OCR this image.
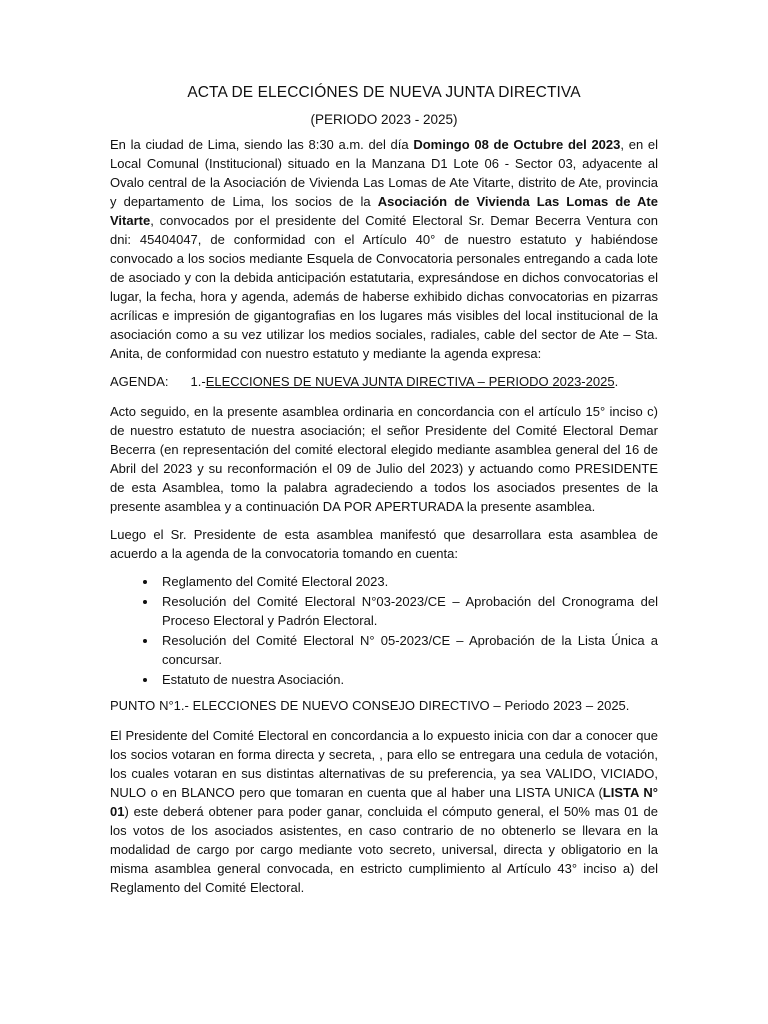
ACTA DE ELECCIÓNES DE NUEVA JUNTA DIRECTIVA
(PERIODO 2023 - 2025)

En la ciudad de Lima, siendo las 8:30 a.m. del día Domingo 08 de Octubre del 2023, en el Local Comunal (Institucional) situado en la Manzana D1 Lote 06 - Sector 03, adyacente al Ovalo central de la Asociación de Vivienda Las Lomas de Ate Vitarte, distrito de Ate, provincia y departamento de Lima, los socios de la Asociación de Vivienda Las Lomas de Ate Vitarte, convocados por el presidente del Comité Electoral Sr. Demar Becerra Ventura con dni: 45404047, de conformidad con el Artículo 40° de nuestro estatuto y habiéndose convocado a los socios mediante Esquela de Convocatoria personales entregando a cada lote de asociado y con la debida anticipación estatutaria, expresándose en dichos convocatorias el lugar, la fecha, hora y agenda, además de haberse exhibido dichas convocatorias en pizarras acrílicas e impresión de gigantografias en los lugares más visibles del local institucional de la asociación como a su vez utilizar los medios sociales, radiales, cable del sector de Ate – Sta. Anita, de conformidad con nuestro estatuto y mediante la agenda expresa:

AGENDA: 1.-ELECCIONES DE NUEVA JUNTA DIRECTIVA – PERIODO 2023-2025.

Acto seguido, en la presente asamblea ordinaria en concordancia con el artículo 15° inciso c) de nuestro estatuto de nuestra asociación; el señor Presidente del Comité Electoral Demar Becerra (en representación del comité electoral elegido mediante asamblea general del 16 de Abril del 2023 y su reconformación el 09 de Julio del 2023) y actuando como PRESIDENTE de esta Asamblea, tomo la palabra agradeciendo a todos los asociados presentes de la presente asamblea y a continuación DA POR APERTURADA la presente asamblea.

Luego el Sr. Presidente de esta asamblea manifestó que desarrollara esta asamblea de acuerdo a la agenda de la convocatoria tomando en cuenta:

• Reglamento del Comité Electoral 2023.
• Resolución del Comité Electoral N°03-2023/CE – Aprobación del Cronograma del Proceso Electoral y Padrón Electoral.
• Resolución del Comité Electoral N° 05-2023/CE – Aprobación de la Lista Única a concursar.
• Estatuto de nuestra Asociación.

PUNTO N°1.- ELECCIONES DE NUEVO CONSEJO DIRECTIVO – Periodo 2023 – 2025.

El Presidente del Comité Electoral en concordancia a lo expuesto inicia con dar a conocer que los socios votaran en forma directa y secreta, , para ello se entregara una cedula de votación, los cuales votaran en sus distintas alternativas de su preferencia, ya sea VALIDO, VICIADO, NULO o en BLANCO pero que tomaran en cuenta que al haber una LISTA UNICA (LISTA N° 01) este deberá obtener para poder ganar, concluida el cómputo general, el 50% mas 01 de los votos de los asociados asistentes, en caso contrario de no obtenerlo se llevara en la modalidad de cargo por cargo mediante voto secreto, universal, directa y obligatorio en la misma asamblea general convocada, en estricto cumplimiento al Artículo 43° inciso a) del Reglamento del Comité Electoral.
